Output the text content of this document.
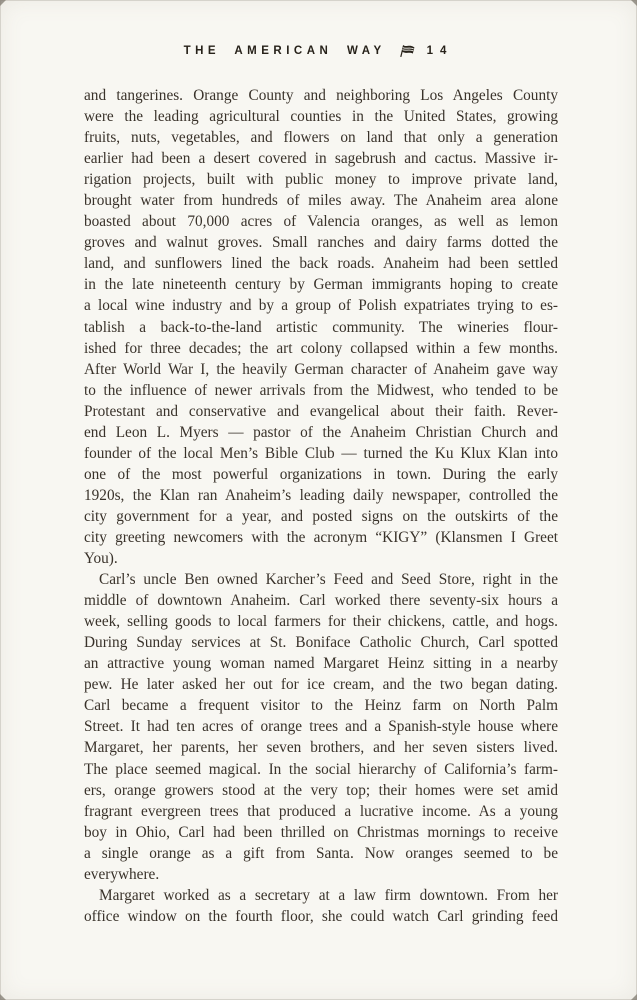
THE AMERICAN WAY	14
and tangerines. Orange County and neighboring Los Angeles County
were the leading agricultural counties in the United States, growing
fruits, nuts, vegetables, and flowers on land that only a generation
earlier had been a desert covered in sagebrush and cactus. Massive ir-
rigation projects, built with public money to improve private land,
brought water from hundreds of miles away. The Anaheim area alone
boasted about 70,000 acres of Valencia oranges, as well as lemon
groves and walnut groves. Small ranches and dairy farms dotted the
land, and sunflowers lined the back roads. Anaheim had been settled
in the late nineteenth century by German immigrants hoping to create
a local wine industry and by a group of Polish expatriates trying to es-
tablish a back-to-the-land artistic community. The wineries flour-
ished for three decades; the art colony collapsed within a few months.
After World War I, the heavily German character of Anaheim gave way
to the influence of newer arrivals from the Midwest, who tended to be
Protestant and conservative and evangelical about their faith. Rever-
end Leon L. Myers — pastor of the Anaheim Christian Church and
founder of the local Men’s Bible Club — turned the Ku Klux Klan into
one of the most powerful organizations in town. During the early
1920s, the Klan ran Anaheim’s leading daily newspaper, controlled the
city government for a year, and posted signs on the outskirts of the
city greeting newcomers with the acronym “KIGY” (Klansmen I Greet
You).
Carl’s uncle Ben owned Karcher’s Feed and Seed Store, right in the
middle of downtown Anaheim. Carl worked there seventy-six hours a
week, selling goods to local farmers for their chickens, cattle, and hogs.
During Sunday services at St. Boniface Catholic Church, Carl spotted
an attractive young woman named Margaret Heinz sitting in a nearby
pew. He later asked her out for ice cream, and the two began dating.
Carl became a frequent visitor to the Heinz farm on North Palm
Street. It had ten acres of orange trees and a Spanish-style house where
Margaret, her parents, her seven brothers, and her seven sisters lived.
The place seemed magical. In the social hierarchy of California’s farm-
ers, orange growers stood at the very top; their homes were set amid
fragrant evergreen trees that produced a lucrative income. As a young
boy in Ohio, Carl had been thrilled on Christmas mornings to receive
a single orange as a gift from Santa. Now oranges seemed to be
everywhere.
Margaret worked as a secretary at a law firm downtown. From her
office window on the fourth floor, she could watch Carl grinding feed
